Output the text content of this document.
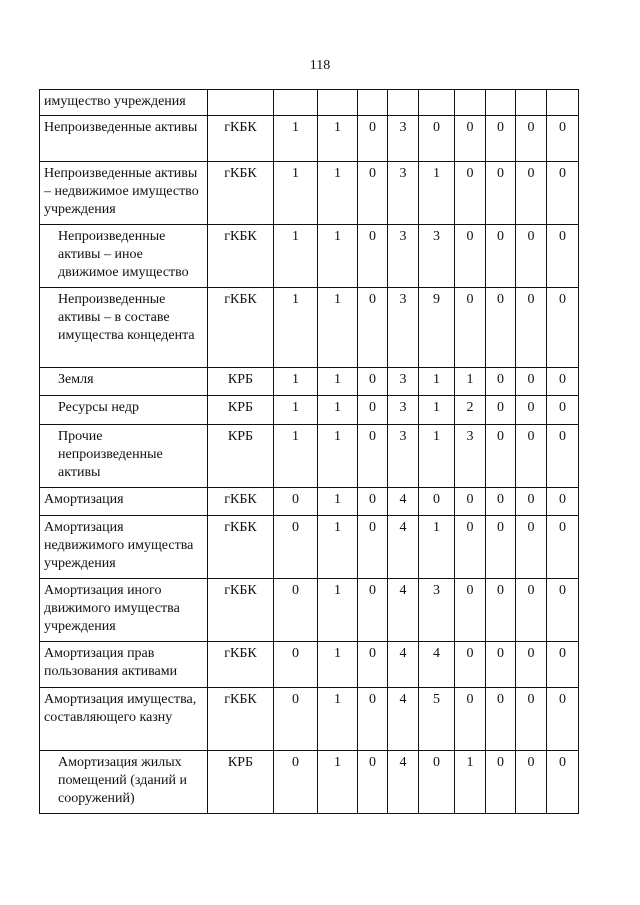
118
имущество учреждения										
Непроизведенные активы	гКБК	1	1	0	3	0	0	0	0	0
Непроизведенные активы – недвижимое имущество учреждения	гКБК	1	1	0	3	1	0	0	0	0
Непроизведенные активы – иное движимое имущество	гКБК	1	1	0	3	3	0	0	0	0
Непроизведенные активы – в составе имущества концедента	гКБК	1	1	0	3	9	0	0	0	0
Земля	КРБ	1	1	0	3	1	1	0	0	0
Ресурсы недр	КРБ	1	1	0	3	1	2	0	0	0
Прочие непроизведенные активы	КРБ	1	1	0	3	1	3	0	0	0
Амортизация	гКБК	0	1	0	4	0	0	0	0	0
Амортизация недвижимого имущества учреждения	гКБК	0	1	0	4	1	0	0	0	0
Амортизация иного движимого имущества учреждения	гКБК	0	1	0	4	3	0	0	0	0
Амортизация прав пользования активами	гКБК	0	1	0	4	4	0	0	0	0
Амортизация имущества, составляющего казну	гКБК	0	1	0	4	5	0	0	0	0
Амортизация жилых помещений (зданий и сооружений)	КРБ	0	1	0	4	0	1	0	0	0
